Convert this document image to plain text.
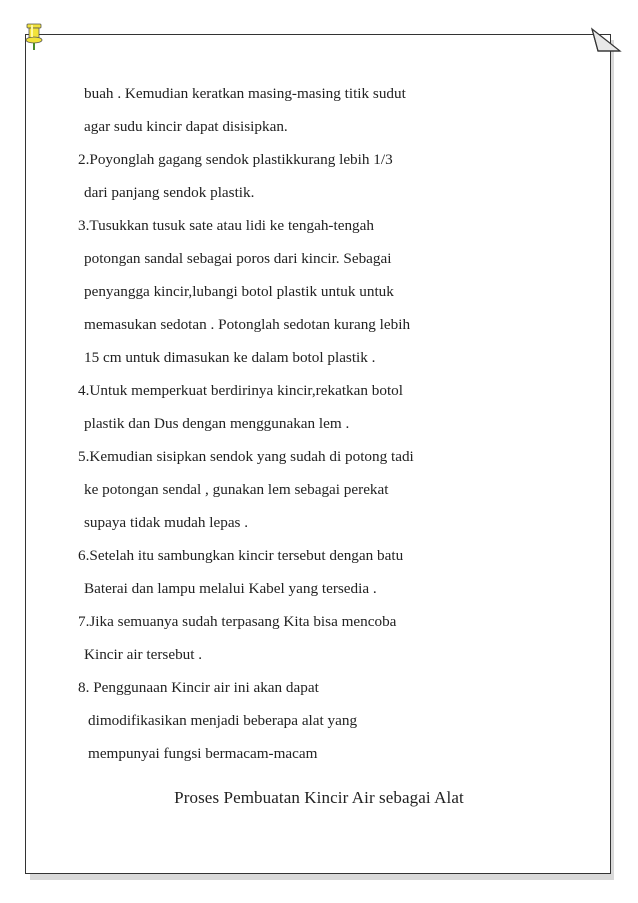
buah . Kemudian keratkan masing-masing titik sudut
agar sudu kincir dapat disisipkan.
2.Poyonglah gagang sendok plastikkurang lebih 1/3
dari panjang sendok plastik.
3.Tusukkan tusuk sate atau lidi ke tengah-tengah
potongan sandal sebagai poros dari kincir. Sebagai
penyangga kincir,lubangi botol plastik untuk untuk
memasukan sedotan . Potonglah sedotan kurang lebih
15 cm untuk dimasukan ke dalam botol plastik .
4.Untuk memperkuat berdirinya kincir,rekatkan botol
plastik dan Dus dengan menggunakan lem .
5.Kemudian sisipkan sendok yang sudah di potong tadi
ke potongan sendal , gunakan lem sebagai perekat
supaya tidak mudah lepas .
6.Setelah itu sambungkan kincir tersebut dengan batu
Baterai dan lampu melalui Kabel yang tersedia .
7.Jika semuanya sudah terpasang Kita bisa mencoba
Kincir air tersebut .
8. Penggunaan Kincir air ini akan dapat
dimodifikasikan menjadi beberapa alat yang
mempunyai fungsi bermacam-macam
Proses Pembuatan Kincir Air sebagai Alat
